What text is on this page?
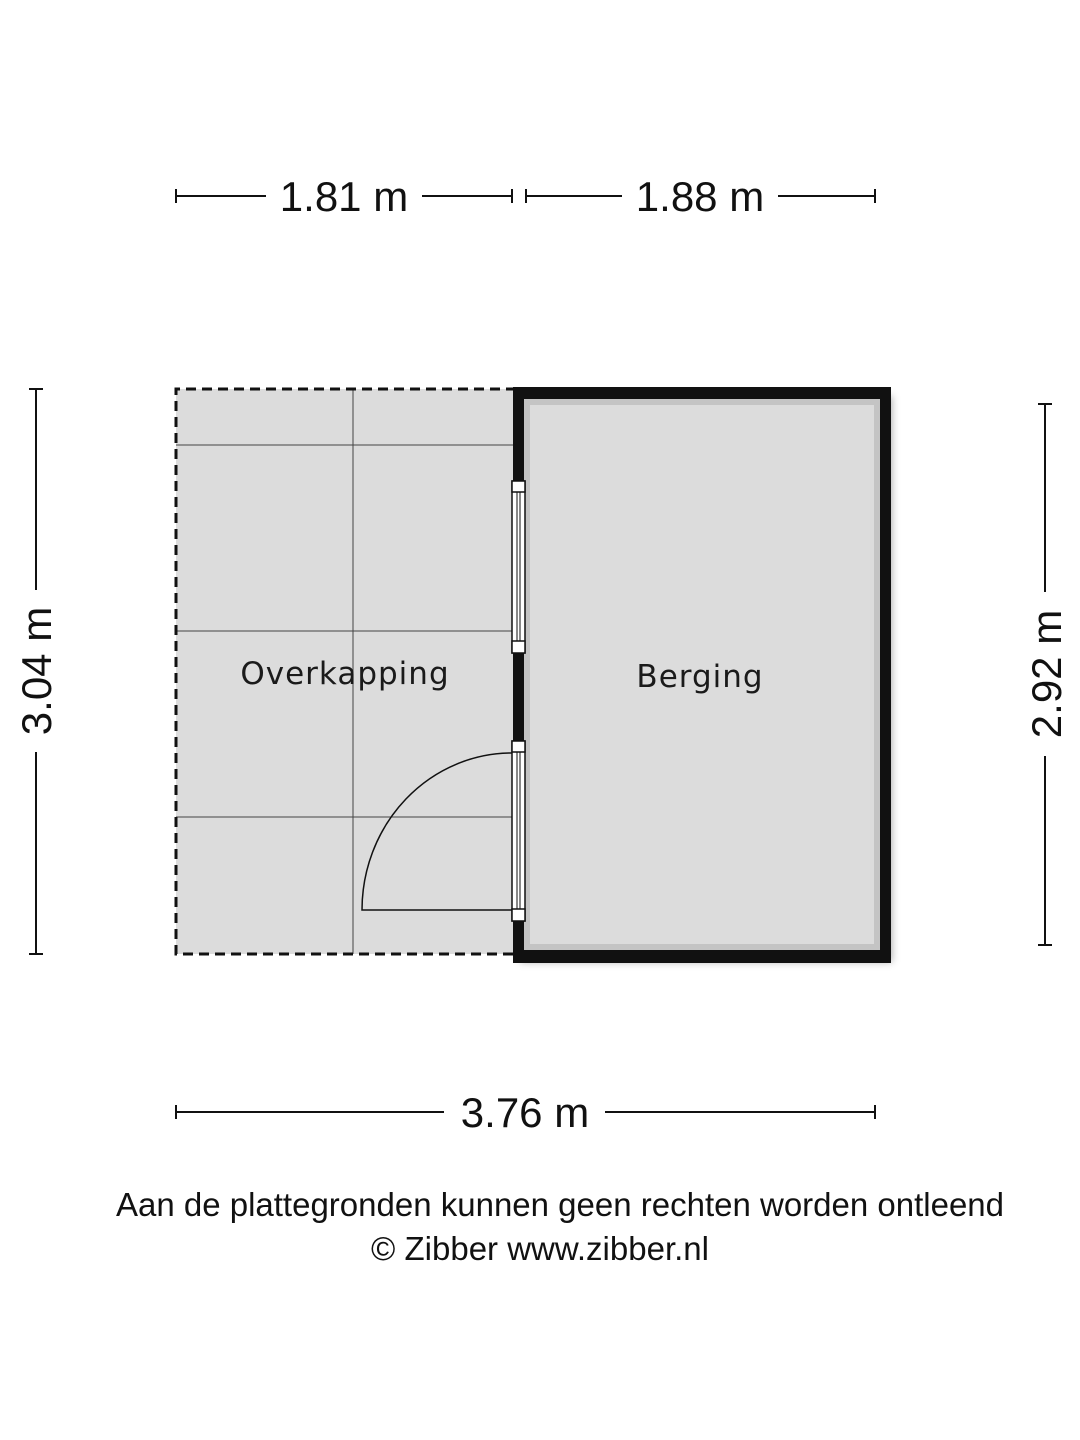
Overkapping	Berging
1.81 m	1.88 m
3.76 m
3.04 m	2.92 m
Aan de plattegronden kunnen geen rechten worden ontleend
© Zibber www.zibber.nl
